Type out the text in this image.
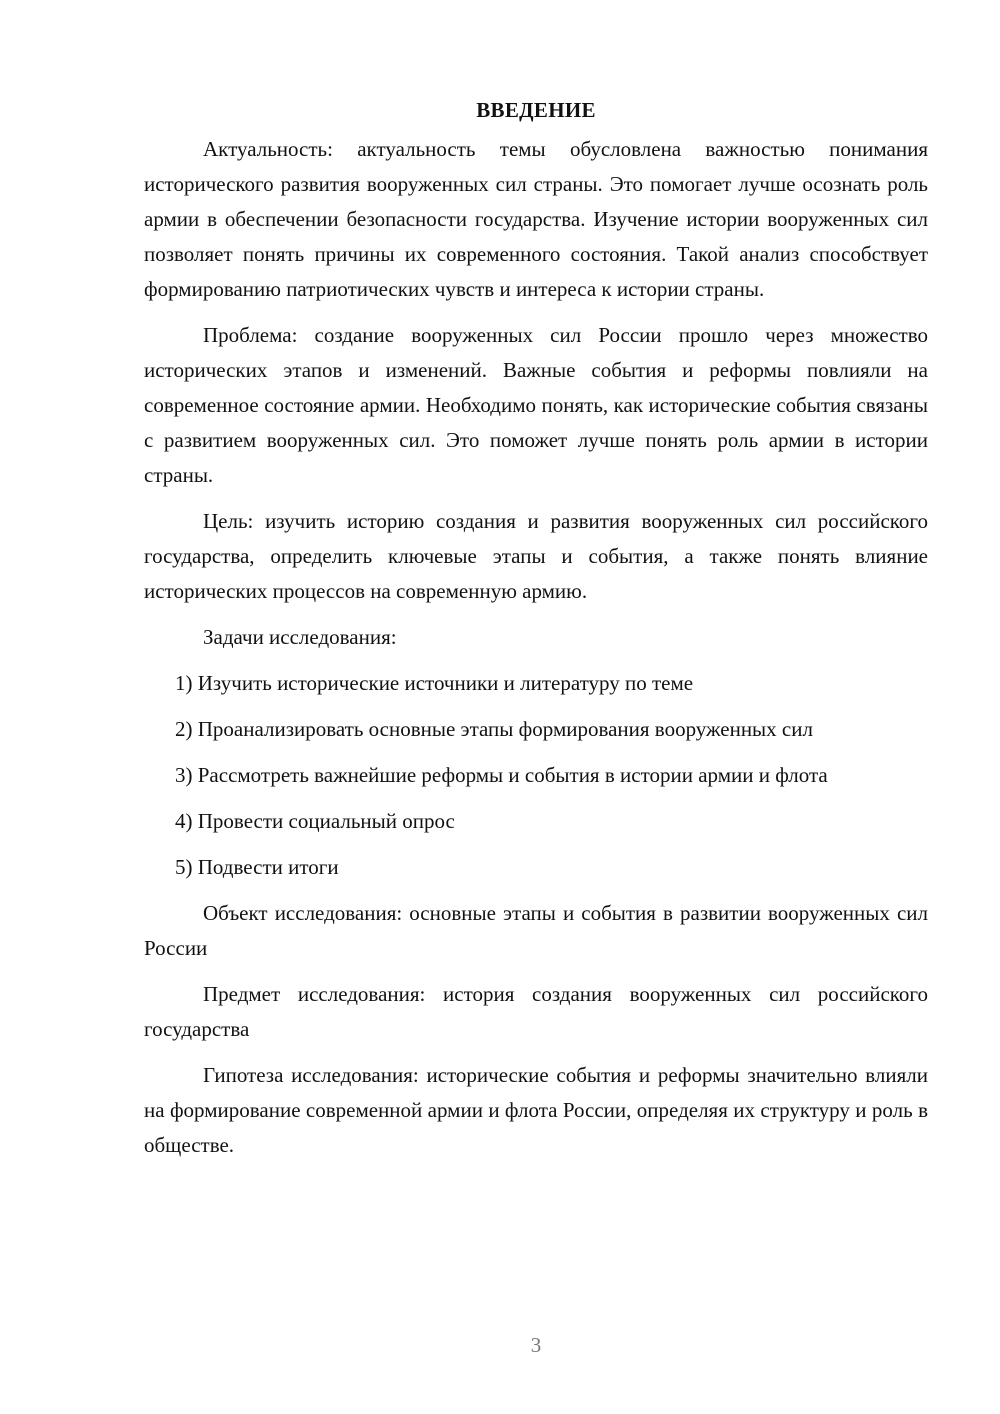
ВВЕДЕНИЕ

Актуальность: актуальность темы обусловлена важностью понимания исторического развития вооруженных сил страны. Это помогает лучше осознать роль армии в обеспечении безопасности государства. Изучение истории вооруженных сил позволяет понять причины их современного состояния. Такой анализ способствует формированию патриотических чувств и интереса к истории страны.

Проблема: создание вооруженных сил России прошло через множество исторических этапов и изменений. Важные события и реформы повлияли на современное состояние армии. Необходимо понять, как исторические события связаны с развитием вооруженных сил. Это поможет лучше понять роль армии в истории страны.

Цель: изучить историю создания и развития вооруженных сил российского государства, определить ключевые этапы и события, а также понять влияние исторических процессов на современную армию.

Задачи исследования:

1) Изучить исторические источники и литературу по теме

2) Проанализировать основные этапы формирования вооруженных сил

3) Рассмотреть важнейшие реформы и события в истории армии и флота

4) Провести социальный опрос

5) Подвести итоги

Объект исследования: основные этапы и события в развитии вооруженных сил России

Предмет исследования: история создания вооруженных сил российского государства

Гипотеза исследования: исторические события и реформы значительно влияли на формирование современной армии и флота России, определяя их структуру и роль в обществе.

3
